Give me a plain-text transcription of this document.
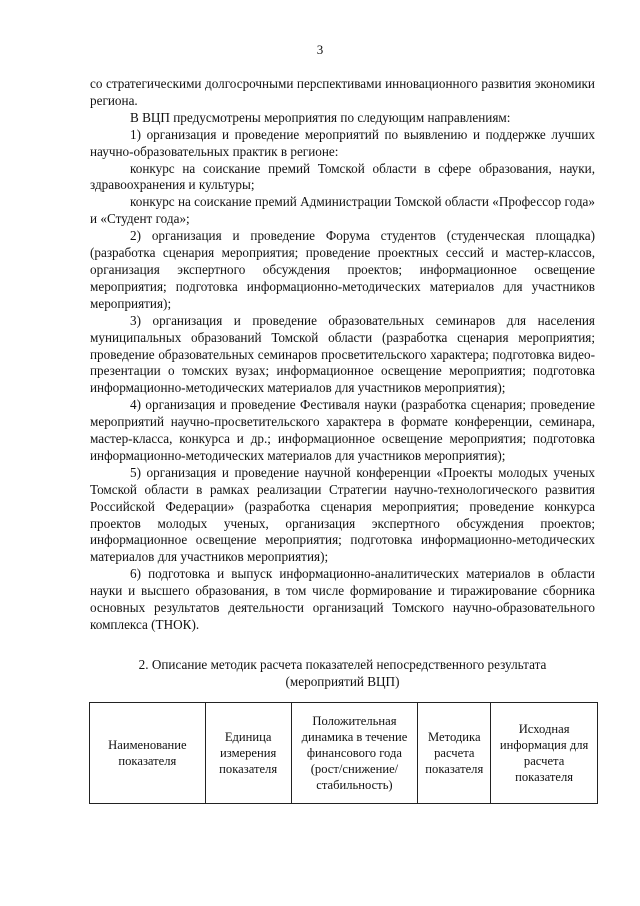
3

со стратегическими долгосрочными перспективами инновационного развития экономики региона.

В ВЦП предусмотрены мероприятия по следующим направлениям:

1) организация и проведение мероприятий по выявлению и поддержке лучших научно-образовательных практик в регионе:

конкурс на соискание премий Томской области в сфере образования, науки, здравоохранения и культуры;

конкурс на соискание премий Администрации Томской области «Профессор года» и «Студент года»;

2) организация и проведение Форума студентов (студенческая площадка) (разработка сценария мероприятия; проведение проектных сессий и мастер-классов, организация экспертного обсуждения проектов; информационное освещение мероприятия; подготовка информационно-методических материалов для участников мероприятия);

3) организация и проведение образовательных семинаров для населения муниципальных образований Томской области (разработка сценария мероприятия; проведение образовательных семинаров просветительского характера; подготовка видео-презентации о томских вузах; информационное освещение мероприятия; подготовка информационно-методических материалов для участников мероприятия);

4) организация и проведение Фестиваля науки (разработка сценария; проведение мероприятий научно-просветительского характера в формате конференции, семинара, мастер-класса, конкурса и др.; информационное освещение мероприятия; подготовка информационно-методических материалов для участников мероприятия);

5) организация и проведение научной конференции «Проекты молодых ученых Томской области в рамках реализации Стратегии научно-технологического развития Российской Федерации» (разработка сценария мероприятия; проведение конкурса проектов молодых ученых, организация экспертного обсуждения проектов; информационное освещение мероприятия; подготовка информационно-методических материалов для участников мероприятия);

6) подготовка и выпуск информационно-аналитических материалов в области науки и высшего образования, в том числе формирование и тиражирование сборника основных результатов деятельности организаций Томского научно-образовательного комплекса (ТНОК).

2. Описание методик расчета показателей непосредственного результата
(мероприятий ВЦП)
Наименование показателя	Единица измерения показателя	Положительная динамика в течение финансового года (рост/снижение/ стабильность)	Методика расчета показателя	Исходная информация для расчета показателя
